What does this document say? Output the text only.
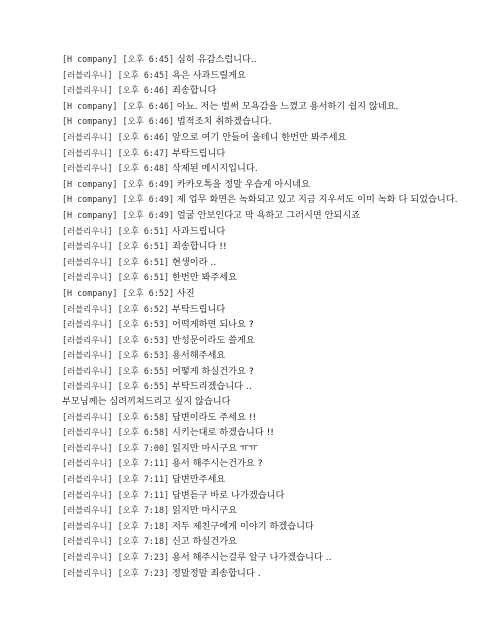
[H company] [오후 6:45] 심히 유감스럽니다..
[러블리우니] [오후 6:45] 욕은 사과드릴게요
[러블리우니] [오후 6:46] 죄송합니다
[H company] [오후 6:46] 아뇨. 저는 벌써 모욕감을 느꼈고 용서하기 쉽지 않네요.
[H company] [오후 6:46] 법적조치 취하겠습니다.
[러블리우니] [오후 6:46] 앞으로 여기 안들어 올테니 한번만 봐주세요
[러블리우니] [오후 6:47] 부탁드립니다
[러블리우니] [오후 6:48] 삭제된 메시지입니다.
[H company] [오후 6:49] 카카오톡을 정말 우습게 아시네요
[H company] [오후 6:49] 제 업무 화면은 녹화되고 있고 지금 지우셔도 이미 녹화 다 되었습니다.
[H company] [오후 6:49] 얼굴 안보인다고 막 욕하고 그러시면 안되시죠
[러블리우니] [오후 6:51] 사과드립니다
[러블리우니] [오후 6:51] 죄송합니다 !!
[러블리우니] [오후 6:51] 현생이라 ..
[러블리우니] [오후 6:51] 한번만 봐주세요
[H company] [오후 6:52] 사진
[러블리우니] [오후 6:52] 부탁드립니다
[러블리우니] [오후 6:53] 어떡게하면 되나요 ?
[러블리우니] [오후 6:53] 반성문이라도 쓸게요
[러블리우니] [오후 6:53] 용서해주세요
[러블리우니] [오후 6:55] 어떻게 하실건가요 ?
[러블리우니] [오후 6:55] 부탁드리겠습니다 ..
부모님께는 심려끼쳐드리고 싶지 않습니다
[러블리우니] [오후 6:58] 답변이라도 주세요 !!
[러블리우니] [오후 6:58] 시키는대로 하겠습니다 !!
[러블리우니] [오후 7:00] 읽지만 마시구요 ㅠㅠ
[러블리우니] [오후 7:11] 용서 해주시는건가요 ?
[러블리우니] [오후 7:11] 답변만주세요
[러블리우니] [오후 7:11] 답변듣구 바로 나가겠습니다
[러블리우니] [오후 7:18] 읽지만 마시구요
[러블리우니] [오후 7:18] 저두 제친구에게 이야기 하겠습니다
[러블리우니] [오후 7:18] 신고 하실건가요
[러블리우니] [오후 7:23] 용서 해주시는걸루 알구 나가겠습니다 ..
[러블리우니] [오후 7:23] 정말정말 죄송합니다 .
